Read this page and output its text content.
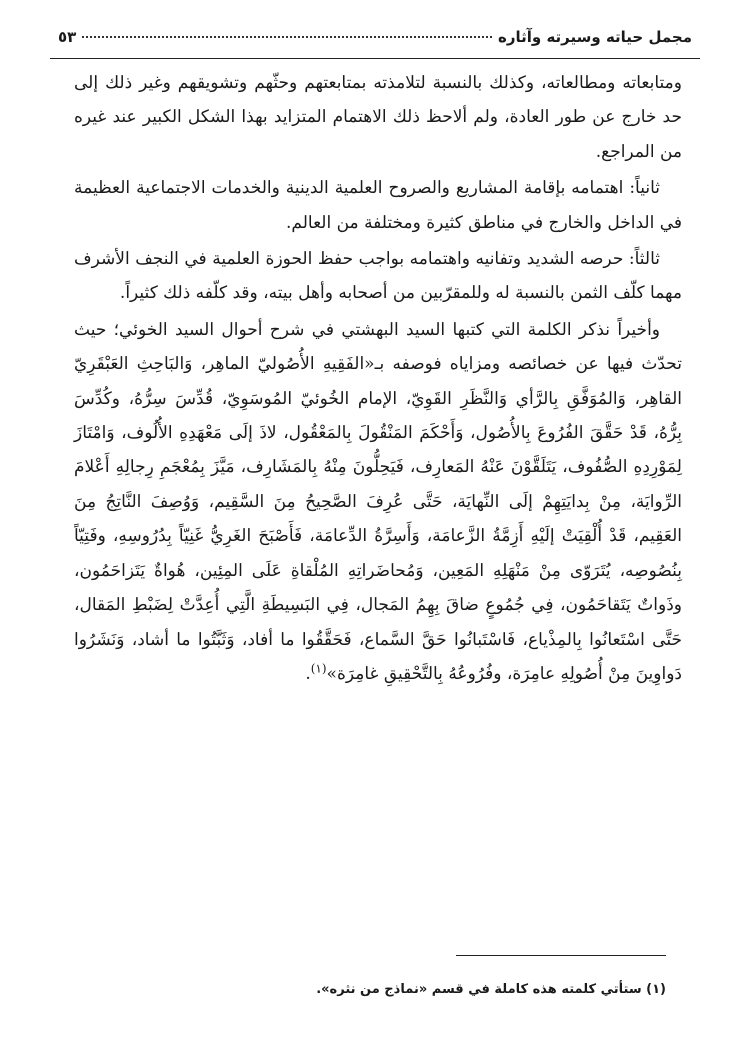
مجمل حياته وسيرته وآثاره
٥٣

ومتابعاته ومطالعاته، وكذلك بالنسبة لتلامذته بمتابعتهم وحثّهم وتشويقهم وغير ذلك إلى حد خارج عن طور العادة، ولم ألاحظ ذلك الاهتمام المتزايد بهذا الشكل الكبير عند غيره من المراجع.

ثانياً: اهتمامه بإقامة المشاريع والصروح العلمية الدينية والخدمات الاجتماعية العظيمة في الداخل والخارج في مناطق كثيرة ومختلفة من العالم.

ثالثاً: حرصه الشديد وتفانيه واهتمامه بواجب حفظ الحوزة العلمية في النجف الأشرف مهما كلّف الثمن بالنسبة له وللمقرّبين من أصحابه وأهل بيته، وقد كلّفه ذلك كثيراً.

وأخيراً نذكر الكلمة التي كتبها السيد البهشتي في شرح أحوال السيد الخوئي؛ حيث تحدّث فيها عن خصائصه ومزاياه فوصفه بـ«الفَقِيهِ الأُصُوليّ الماهِر، وَالبَاحِثِ العَبْقَرِيّ القاهِر، وَالمُوَفَّقِ بِالرَّأي وَالنَّظَرِ القَوِيّ، الإمام الخُوئيّ المُوسَوِيّ، قُدِّسَ سِرُّهُ، وكُدِّسَ بِرُّهُ، قَدْ حَقَّقَ الفُرُوعَ بِالأُصُول، وَأَحْكَمَ المَنْقُولَ بِالمَعْقُول، لاذَ إلَى مَعْهَدِهِ الأُلُوف، وَامْتَازَ لِمَوْرِدِهِ الصُّفُوف، يَتَلَقَّوْنَ عَنْهُ المَعارِف، فَيَحِلُّونَ مِنْهُ بِالمَشَارِف، مَيَّزَ بِمُعْجَمِ رِجالِهِ أَعْلامَ الرِّوايَة، مِنْ بِدايَتِهِمْ إلَى النِّهايَة، حَتَّى عُرِفَ الصَّحِيحُ مِنَ السَّقِيم، وَوُصِفَ النَّاتِجُ مِنَ العَقِيم، قَدْ أُلْقِيَتْ إلَيْهِ أَزِمَّةُ الزَّعامَة، وَأَسِرَّةُ الدِّعامَة، فَأَصْبَحَ الغَرِيُّ غَنِيّاً بِدُرُوسِهِ، وفَتِيّاً بِنُصُوصِه، يُتَرَوّى مِنْ مَنْهَلِهِ المَعِين، وَمُحاضَراتِهِ المُلْقاةِ عَلَى المِئِين، هُواةٌ يَتَزاحَمُون، وذَواتٌ يَتَقاحَمُون، فِي جُمُوعٍ ضاقَ بِهِمُ المَجال، فِي البَسِيطَةِ الَّتِي أُعِدَّتْ لِضَبْطِ المَقال، حَتَّى اسْتَعانُوا بِالمِذْياع، فَاسْتَبانُوا حَقَّ السَّماع، فَحَقَّقُوا ما أفاد، وَثَبَّتُوا ما أشاد، وَنَشَرُوا دَواوِينَ مِنْ أُصُولِهِ عامِرَة، وفُرُوعُهُ بِالتَّحْقِيقِ غامِرَة»$^{(١)}$.

(١) ستأتي كلمته هذه كاملة في قسم «نماذج من نثره».
